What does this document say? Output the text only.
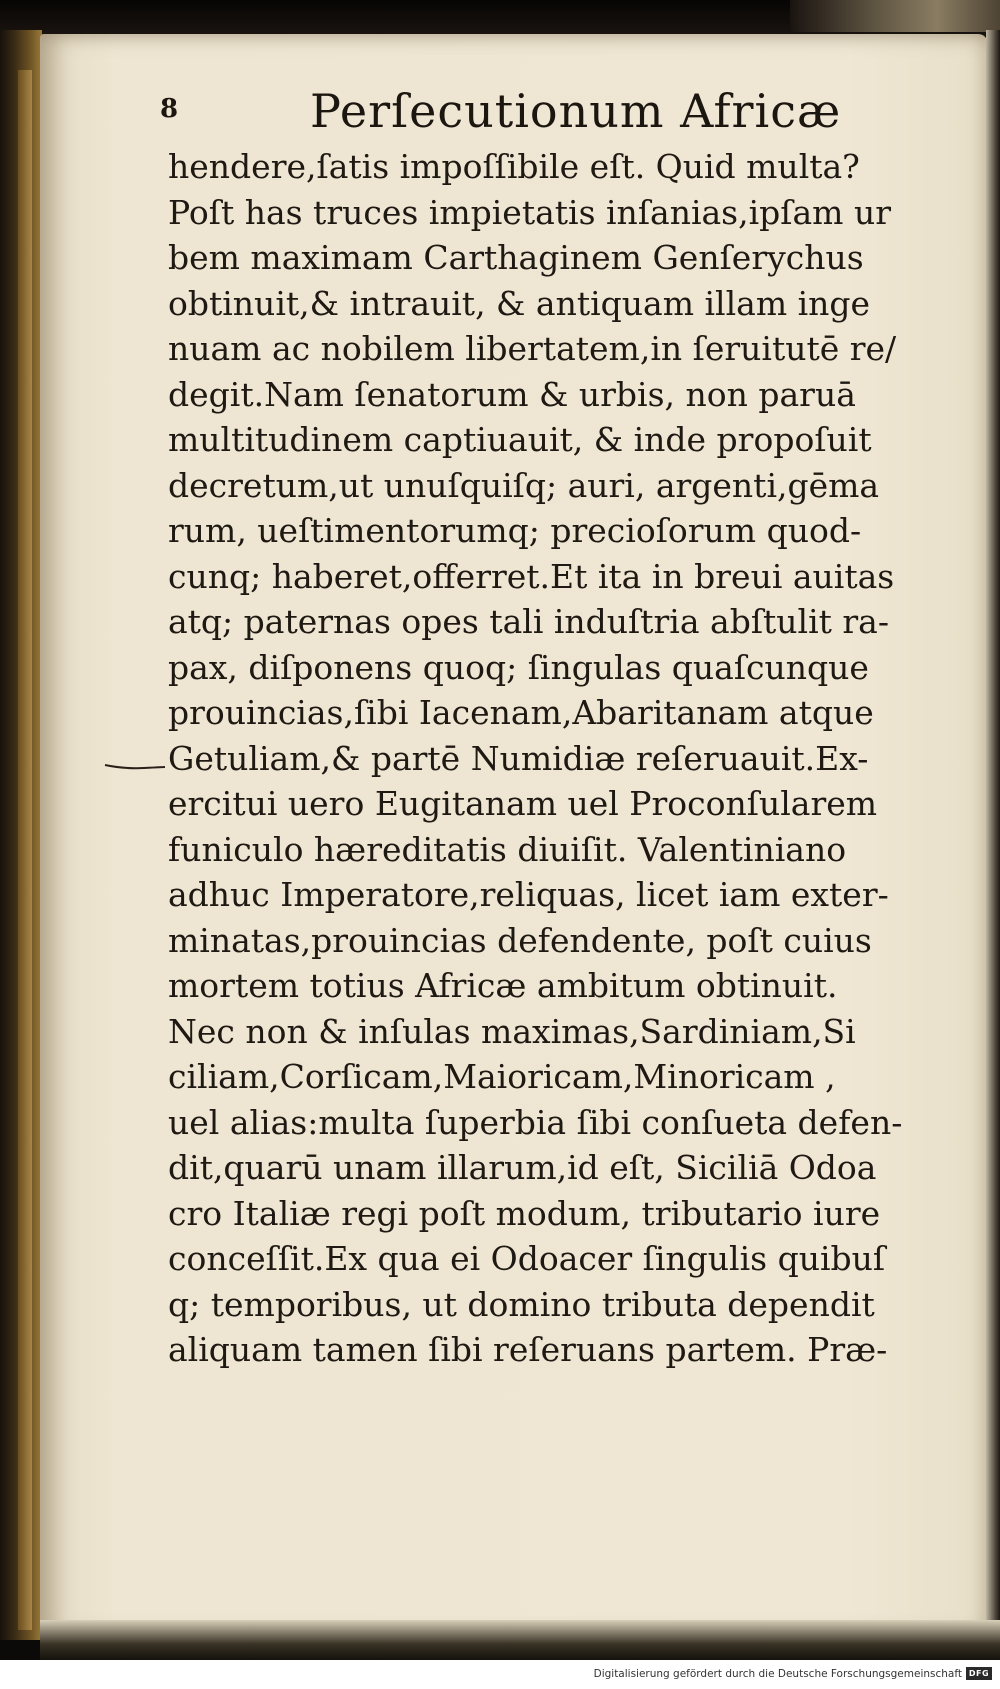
8	Perſecutionum Africæ
hendere,ſatis impoſſibile eſt. Quid multa?
Poſt has truces impietatis inſanias,ipſam ur
bem maximam Carthaginem Genſerychus
obtinuit,& intrauit, & antiquam illam inge
nuam ac nobilem libertatem,in ſeruitutē re/
degit.Nam ſenatorum & urbis, non paruā
multitudinem captiuauit, & inde propoſuit
decretum,ut unuſquiſq; auri, argenti,gēma
rum, ueſtimentorumq; precioſorum quod-
cunq; haberet,offerret.Et ita in breui auitas
atq; paternas opes tali induſtria abſtulit ra-
pax, diſponens quoq; ſingulas quaſcunque
prouincias,ſibi Iacenam,Abaritanam atque
Getuliam,& partē Numidiæ reſeruauit.Ex-
ercitui uero Eugitanam uel Proconſularem
funiculo hæreditatis diuiſit. Valentiniano
adhuc Imperatore,reliquas, licet iam exter-
minatas,prouincias defendente, poſt cuius
mortem totius Africæ ambitum obtinuit.
Nec non & inſulas maximas,Sardiniam,Si
ciliam,Corſicam,Maioricam,Minoricam ,
uel alias:multa ſuperbia ſibi conſueta defen-
dit,quarū unam illarum,id eſt, Siciliā Odoa
cro Italiæ regi poſt modum, tributario iure
conceſſit.Ex qua ei Odoacer ſingulis quibuſ
q; temporibus, ut domino tributa dependit
aliquam tamen ſibi reſeruans partem. Præ-
Digitalisierung gefördert durch die Deutsche Forschungsgemeinschaft DFG
